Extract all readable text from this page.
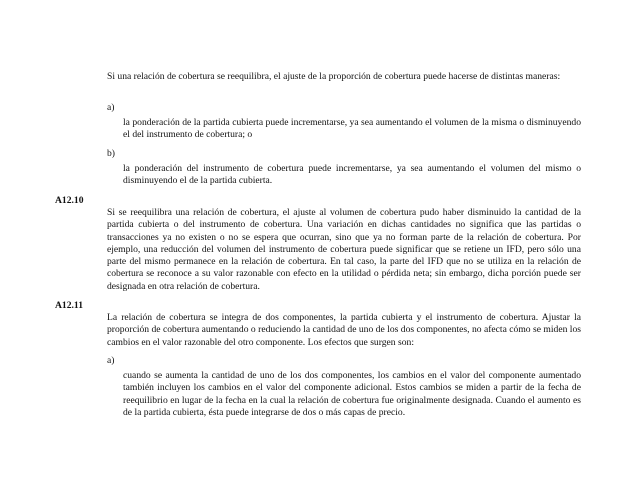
Si una relación de cobertura se reequilibra, el ajuste de la proporción de cobertura puede hacerse de distintas maneras:
a)
la ponderación de la partida cubierta puede incrementarse, ya sea aumentando el volumen de la misma o disminuyendo el del instrumento de cobertura; o
b)
la ponderación del instrumento de cobertura puede incrementarse, ya sea aumentando el volumen del mismo o disminuyendo el de la partida cubierta.
A12.10
Si se reequilibra una relación de cobertura, el ajuste al volumen de cobertura pudo haber disminuido la cantidad de la partida cubierta o del instrumento de cobertura. Una variación en dichas cantidades no significa que las partidas o transacciones ya no existen o no se espera que ocurran, sino que ya no forman parte de la relación de cobertura. Por ejemplo, una reducción del volumen del instrumento de cobertura puede significar que se retiene un IFD, pero sólo una parte del mismo permanece en la relación de cobertura. En tal caso, la parte del IFD que no se utiliza en la relación de cobertura se reconoce a su valor razonable con efecto en la utilidad o pérdida neta; sin embargo, dicha porción puede ser designada en otra relación de cobertura.
A12.11
La relación de cobertura se integra de dos componentes, la partida cubierta y el instrumento de cobertura. Ajustar la proporción de cobertura aumentando o reduciendo la cantidad de uno de los dos componentes, no afecta cómo se miden los cambios en el valor razonable del otro componente. Los efectos que surgen son:
a)
cuando se aumenta la cantidad de uno de los dos componentes, los cambios en el valor del componente aumentado también incluyen los cambios en el valor del componente adicional. Estos cambios se miden a partir de la fecha de reequilibrio en lugar de la fecha en la cual la relación de cobertura fue originalmente designada. Cuando el aumento es de la partida cubierta, ésta puede integrarse de dos o más capas de precio.
